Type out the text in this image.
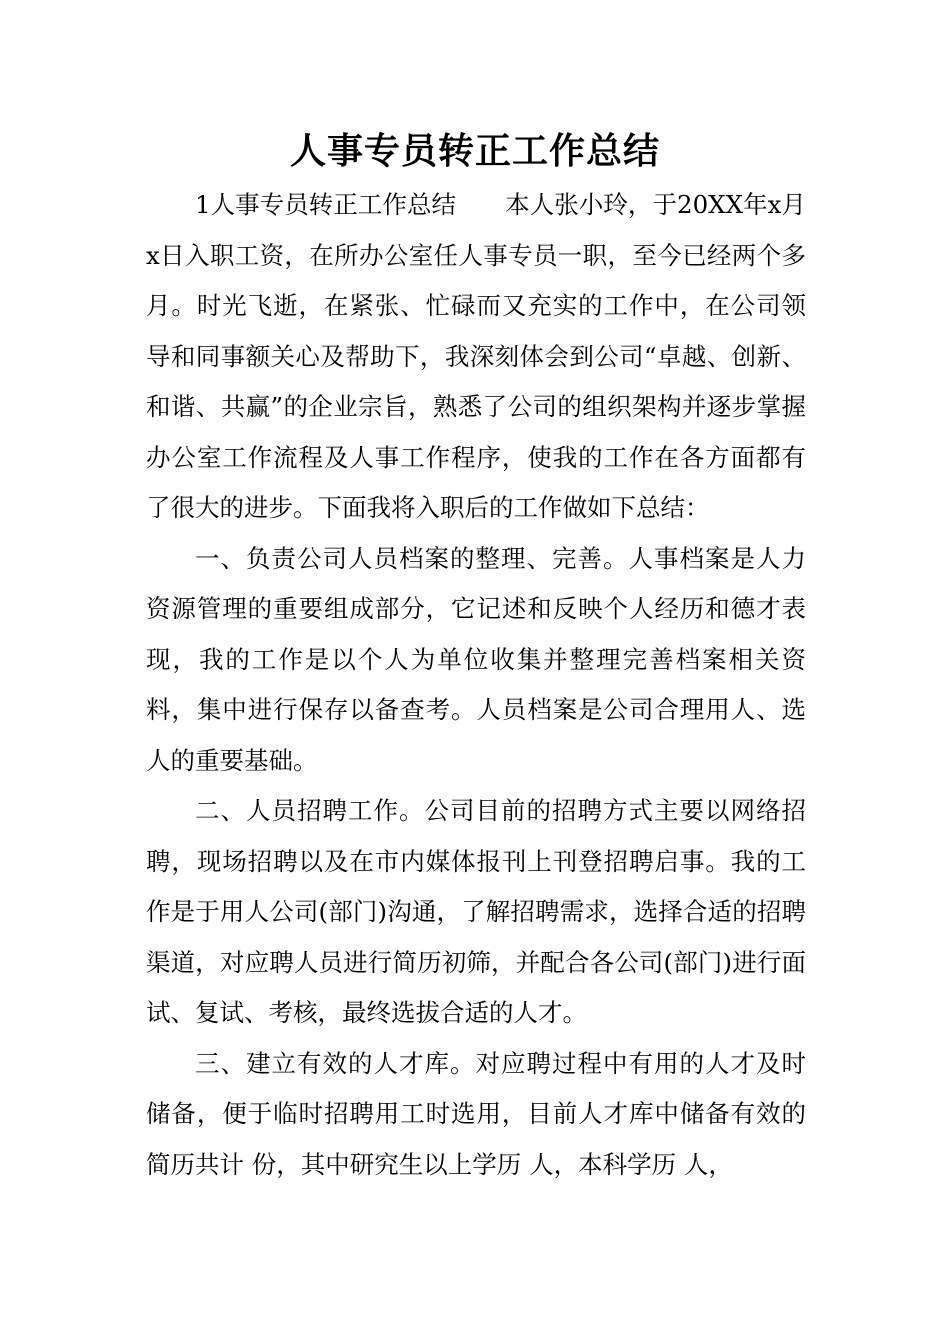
人事专员转正工作总结

1人事专员转正工作总结　　本人张小玲，于20XX年x月x日入职工资，在所办公室任人事专员一职，至今已经两个多月。时光飞逝，在紧张、忙碌而又充实的工作中，在公司领导和同事额关心及帮助下，我深刻体会到公司“卓越、创新、和谐、共赢”的企业宗旨，熟悉了公司的组织架构并逐步掌握办公室工作流程及人事工作程序，使我的工作在各方面都有了很大的进步。下面我将入职后的工作做如下总结：

一、负责公司人员档案的整理、完善。人事档案是人力资源管理的重要组成部分，它记述和反映个人经历和德才表现，我的工作是以个人为单位收集并整理完善档案相关资料，集中进行保存以备查考。人员档案是公司合理用人、选人的重要基础。

二、人员招聘工作。公司目前的招聘方式主要以网络招聘，现场招聘以及在市内媒体报刊上刊登招聘启事。我的工作是于用人公司(部门)沟通，了解招聘需求，选择合适的招聘渠道，对应聘人员进行简历初筛，并配合各公司(部门)进行面试、复试、考核，最终选拔合适的人才。

三、建立有效的人才库。对应聘过程中有用的人才及时储备，便于临时招聘用工时选用，目前人才库中储备有效的简历共计 份，其中研究生以上学历 人，本科学历 人，
